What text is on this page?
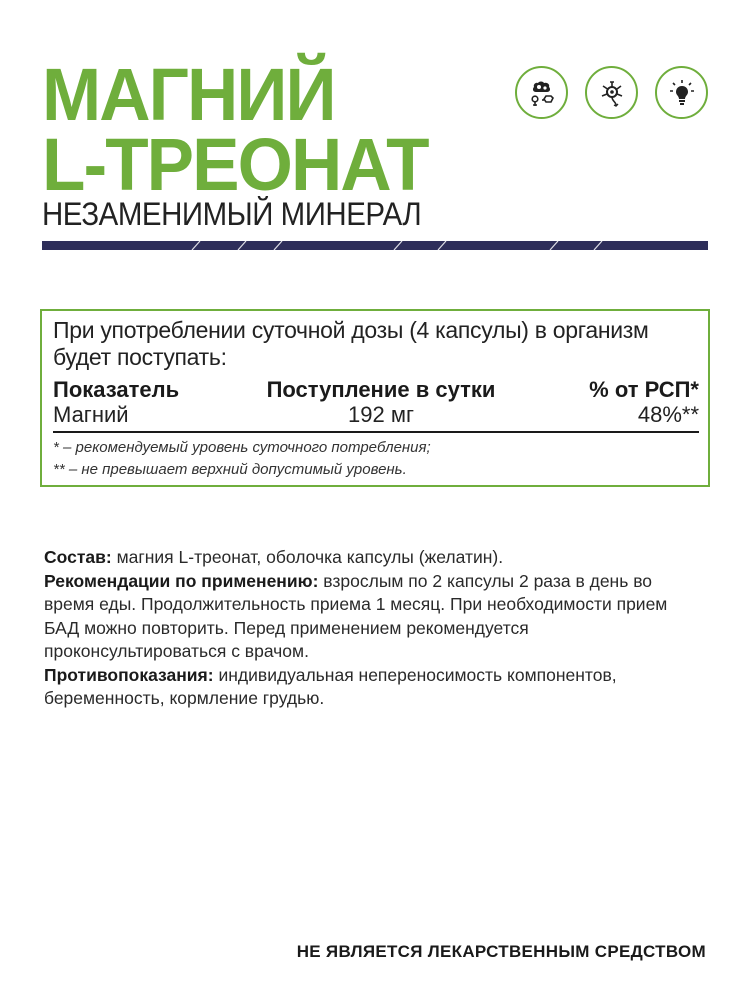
МАГНИЙ
L-ТРЕОНАТ
НЕЗАМЕНИМЫЙ МИНЕРАЛ

При употреблении суточной дозы (4 капсулы) в организм будет поступать:

Показатель	Поступление в сутки	% от РСП*
Магний	192 мг	48%**

* – рекомендуемый уровень суточного потребления;

** – не превышает верхний допустимый уровень.

Состав: магния L-треонат, оболочка капсулы (желатин).

Рекомендации по применению: взрослым по 2 капсулы 2 раза в день во время еды. Продолжительность приема 1 месяц. При необходимости прием БАД можно повторить. Перед применением рекомендуется проконсультироваться с врачом.

Противопоказания: индивидуальная непереносимость компонентов, беременность, кормление грудью.

НЕ ЯВЛЯЕТСЯ ЛЕКАРСТВЕННЫМ СРЕДСТВОМ
